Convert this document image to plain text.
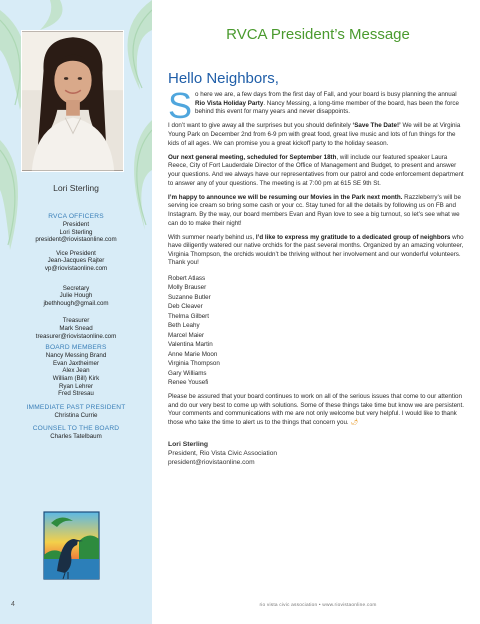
Lori Sterling
RVCA OFFICERS
President
Lori Sterling
president@riovistaonline.com
Vice President
Jean-Jacques Rajter
vp@riovistaonline.com
Secretary
Julie Hough
jbethhough@gmail.com
Treasurer
Mark Snead
treasurer@riovistaonline.com
BOARD MEMBERS
Nancy Messing Brand
Evan Jaxtheimer
Alex Jean
William (Bill) Kirk
Ryan Lehrer
Fred Stresau
IMMEDIATE PAST PRESIDENT
Christina Currie
COUNSEL TO THE BOARD
Charles Tatelbaum
4
RVCA President’s Message
Hello Neighbors,
So here we are, a few days from the first day of Fall, and your board is busy planning the annual Rio Vista Holiday Party. Nancy Messing, a long-time member of the board, has been the force behind this event for many years and never disappoints.
I don’t want to give away all the surprises but you should definitely ‘Save The Date!’ We will be at Virginia Young Park on December 2nd from 6-9 pm with great food, great live music and lots of fun things for the kids of all ages. We can promise you a great kickoff party to the holiday season.
Our next general meeting, scheduled for September 18th, will include our featured speaker Laura Reece, City of Fort Lauderdale Director of the Office of Management and Budget, to present and answer your questions. And we always have our representatives from our patrol and code enforcement department to answer any of your questions. The meeting is at 7:00 pm at 615 SE 9th St.
I’m happy to announce we will be resuming our Movies in the Park next month. Razzleberry’s will be serving ice cream so bring some cash or your cc. Stay tuned for all the details by following us on FB and Instagram. By the way, our board members Evan and Ryan love to see a big turnout, so let’s see what we can do to make their night!
With summer nearly behind us, I’d like to express my gratitude to a dedicated group of neighbors who have diligently watered our native orchids for the past several months. Organized by an amazing volunteer, Virginia Thompson, the orchids wouldn’t be thriving without her involvement and our wonderful volunteers. Thank you!
Robert Atlass
Molly Brauser
Suzanne Butler
Deb Cleaver
Thelma Gilbert
Beth Leahy
Marcel Maier
Valentina Martin
Anne Marie Moon
Virginia Thompson
Gary Williams
Renee Yousefi
Please be assured that your board continues to work on all of the serious issues that come to our attention and do our very best to come up with solutions. Some of these things take time but know we are persistent. Your comments and communications with me are not only welcome but very helpful. I would like to thank those who take the time to alert us to the things that concern you. 🌶
Lori Sterling
President, Rio Vista Civic Association
president@riovistaonline.com
rio vista civic association • www.riovistaonline.com
